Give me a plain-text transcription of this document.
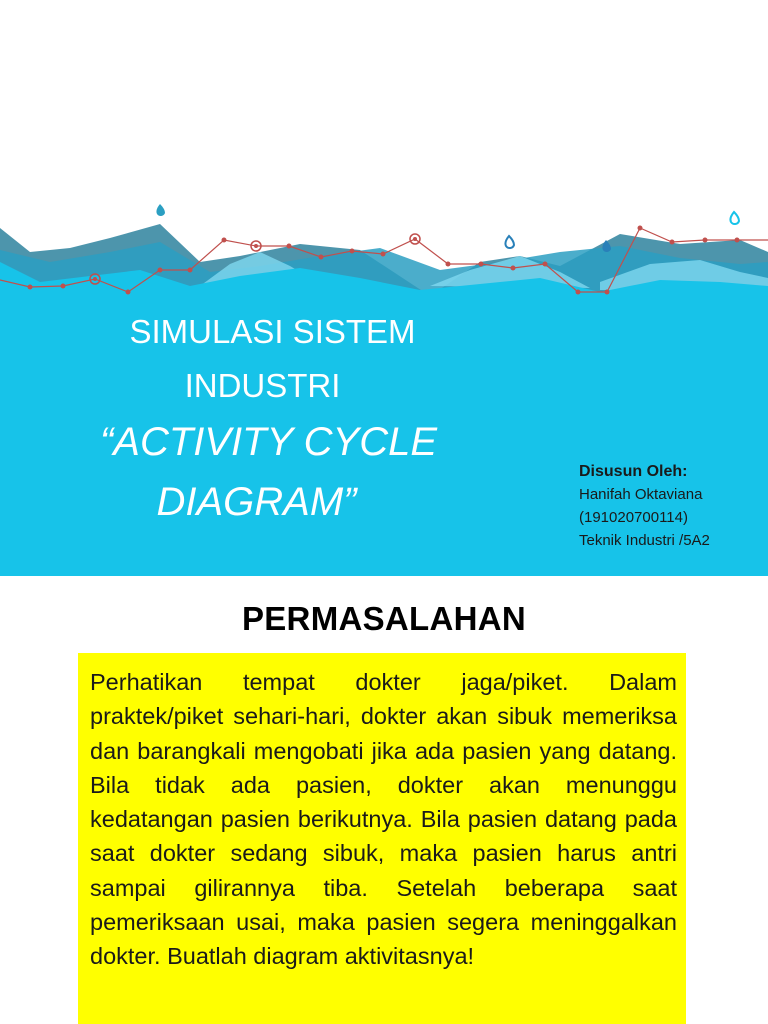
SIMULASI SISTEM
INDUSTRI
“ACTIVITY CYCLE
DIAGRAM”
Disusun Oleh:
Hanifah Oktaviana
(191020700114)
Teknik Industri /5A2
PERMASALAHAN

Perhatikan tempat dokter jaga/piket. Dalam praktek/piket sehari-hari, dokter akan sibuk memeriksa dan barangkali mengobati jika ada pasien yang datang. Bila tidak ada pasien, dokter akan menunggu kedatangan pasien berikutnya. Bila pasien datang pada saat dokter sedang sibuk, maka pasien harus antri sampai gilirannya tiba. Setelah beberapa saat pemeriksaan usai, maka pasien segera meninggalkan dokter. Buatlah diagram aktivitasnya!
